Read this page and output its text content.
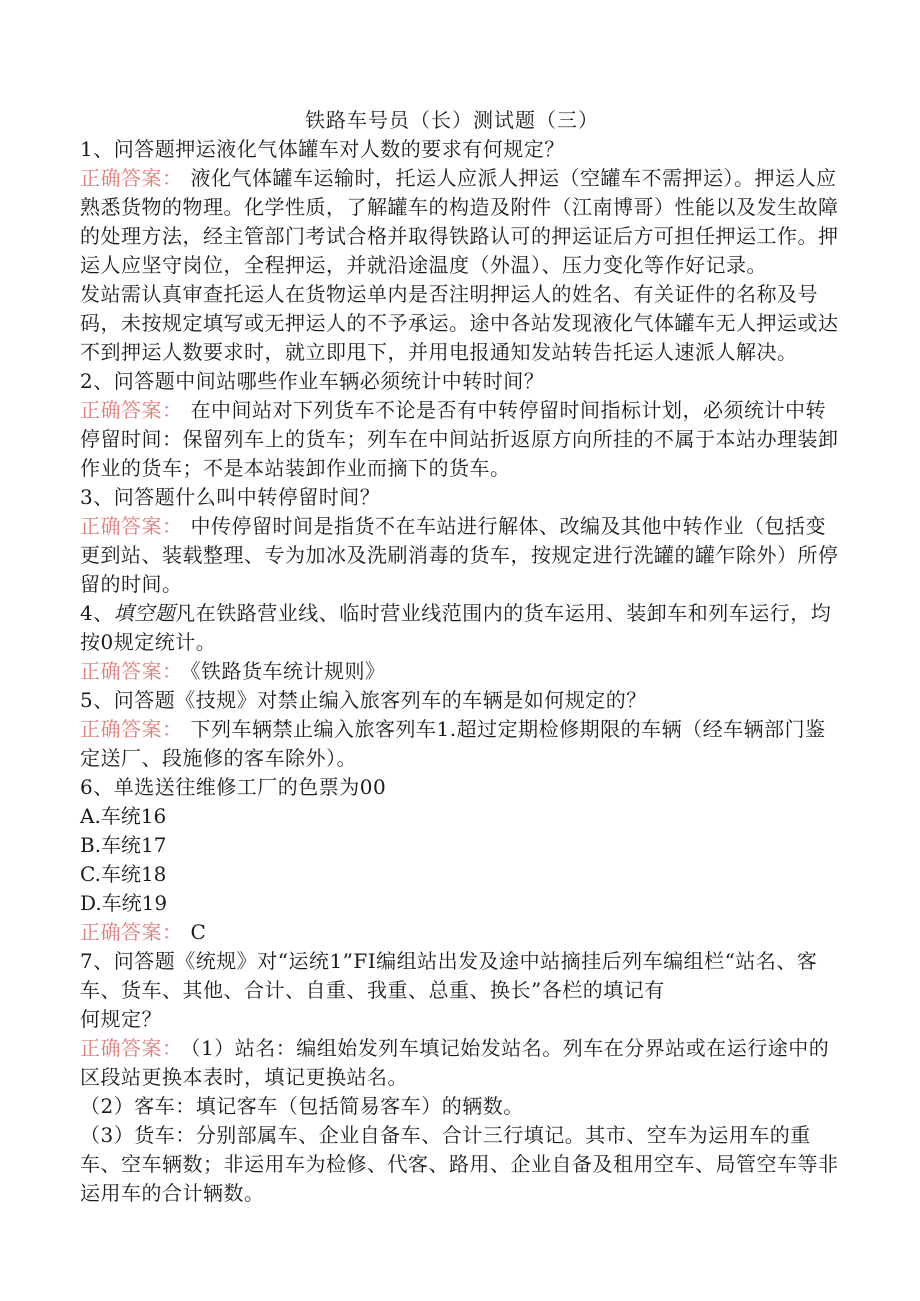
铁路车号员（长）测试题（三）

1、问答题押运液化气体罐车对人数的要求有何规定？

正确答案： 液化气体罐车运输时，托运人应派人押运（空罐车不需押运）。押运人应熟悉货物的物理。化学性质，了解罐车的构造及附件（江南博哥）性能以及发生故障的处理方法，经主管部门考试合格并取得铁路认可的押运证后方可担任押运工作。押运人应坚守岗位，全程押运，并就沿途温度（外温）、压力变化等作好记录。

发站需认真审查托运人在货物运单内是否注明押运人的姓名、有关证件的名称及号码，未按规定填写或无押运人的不予承运。途中各站发现液化气体罐车无人押运或达不到押运人数要求时，就立即甩下，并用电报通知发站转告托运人速派人解决。

2、问答题中间站哪些作业车辆必须统计中转时间？

正确答案： 在中间站对下列货车不论是否有中转停留时间指标计划，必须统计中转停留时间：保留列车上的货车；列车在中间站折返原方向所挂的不属于本站办理装卸作业的货车；不是本站装卸作业而摘下的货车。

3、问答题什么叫中转停留时间？

正确答案： 中传停留时间是指货不在车站进行解体、改编及其他中转作业（包括变更到站、装载整理、专为加冰及洗刷消毒的货车，按规定进行洗罐的罐乍除外）所停留的时间。

4、填空题凡在铁路营业线、临时营业线范围内的货车运用、装卸车和列车运行，均按0规定统计。

正确答案： 《铁路货车统计规则》

5、问答题《技规》对禁止编入旅客列车的车辆是如何规定的？

正确答案： 下列车辆禁止编入旅客列车1.超过定期检修期限的车辆（经车辆部门鉴定送厂、段施修的客车除外）。

6、单选送往维修工厂的色票为00

A.车统16

B.车统17

C.车统18

D.车统19

正确答案： C

7、问答题《统规》对“运统1”FI编组站出发及途中站摘挂后列车编组栏“站名、客车、货车、其他、合计、自重、我重、总重、换长”各栏的填记有

何规定？

正确答案： （1）站名：编组始发列车填记始发站名。列车在分界站或在运行途中的区段站更换本表时，填记更换站名。

（2）客车：填记客车（包括简易客车）的辆数。

（3）货车：分别部属车、企业自备车、合计三行填记。其市、空车为运用车的重车、空车辆数；非运用车为检修、代客、路用、企业自备及租用空车、局管空车等非运用车的合计辆数。
